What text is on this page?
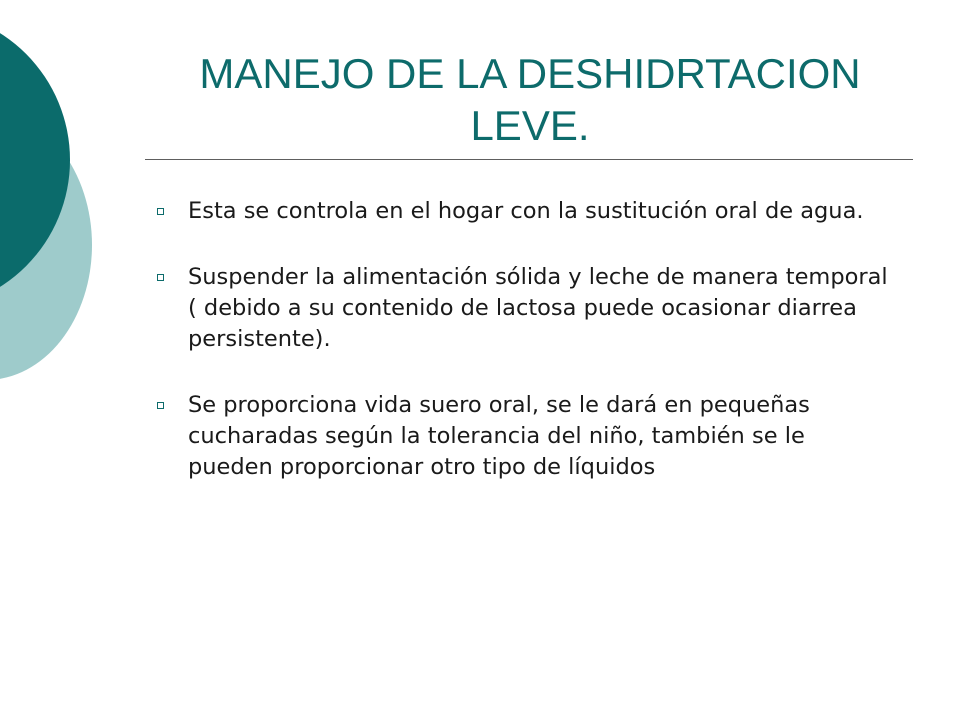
MANEJO DE LA DESHIDRTACION
LEVE.
Esta se controla en el hogar con la sustitución oral de agua.
Suspender la alimentación sólida y leche de manera temporal ( debido a su contenido de lactosa puede ocasionar diarrea persistente).
Se proporciona vida suero oral, se le dará en pequeñas cucharadas según la tolerancia del niño, también se le pueden proporcionar otro tipo de líquidos
